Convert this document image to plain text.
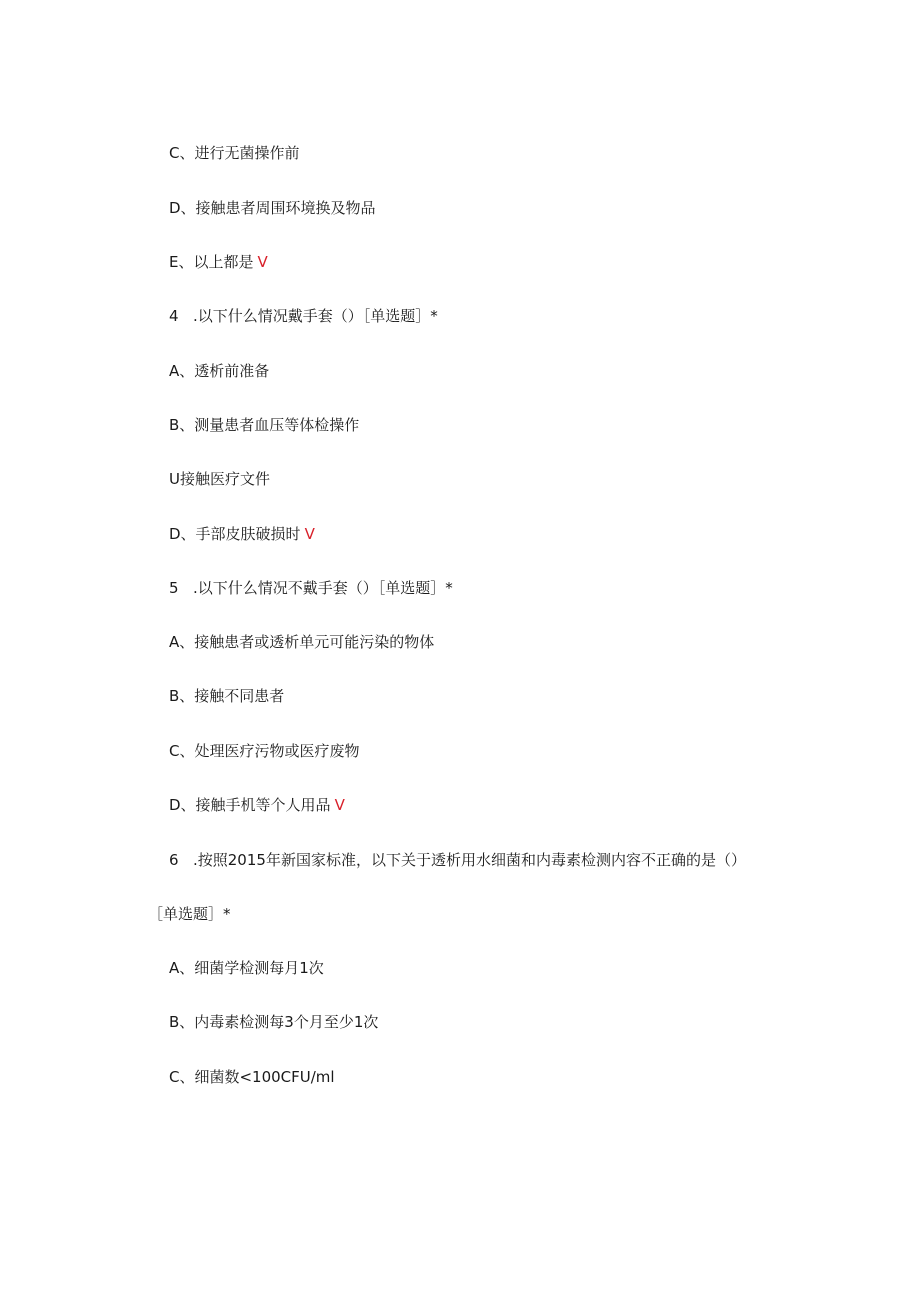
C、进行无菌操作前
D、接触患者周围环境换及物品
E、以上都是 V
4 .以下什么情况戴手套（）［单选题］*
A、透析前准备
B、测量患者血压等体检操作
U接触医疗文件
D、手部皮肤破损时 V
5 .以下什么情况不戴手套（）［单选题］*
A、接触患者或透析单元可能污染的物体
B、接触不同患者
C、处理医疗污物或医疗废物
D、接触手机等个人用品 V
6 .按照2015年新国家标准，以下关于透析用水细菌和内毒素检测内容不正确的是（）
［单选题］*
A、细菌学检测每月1次
B、内毒素检测每3个月至少1次
C、细菌数<100CFU/ml
